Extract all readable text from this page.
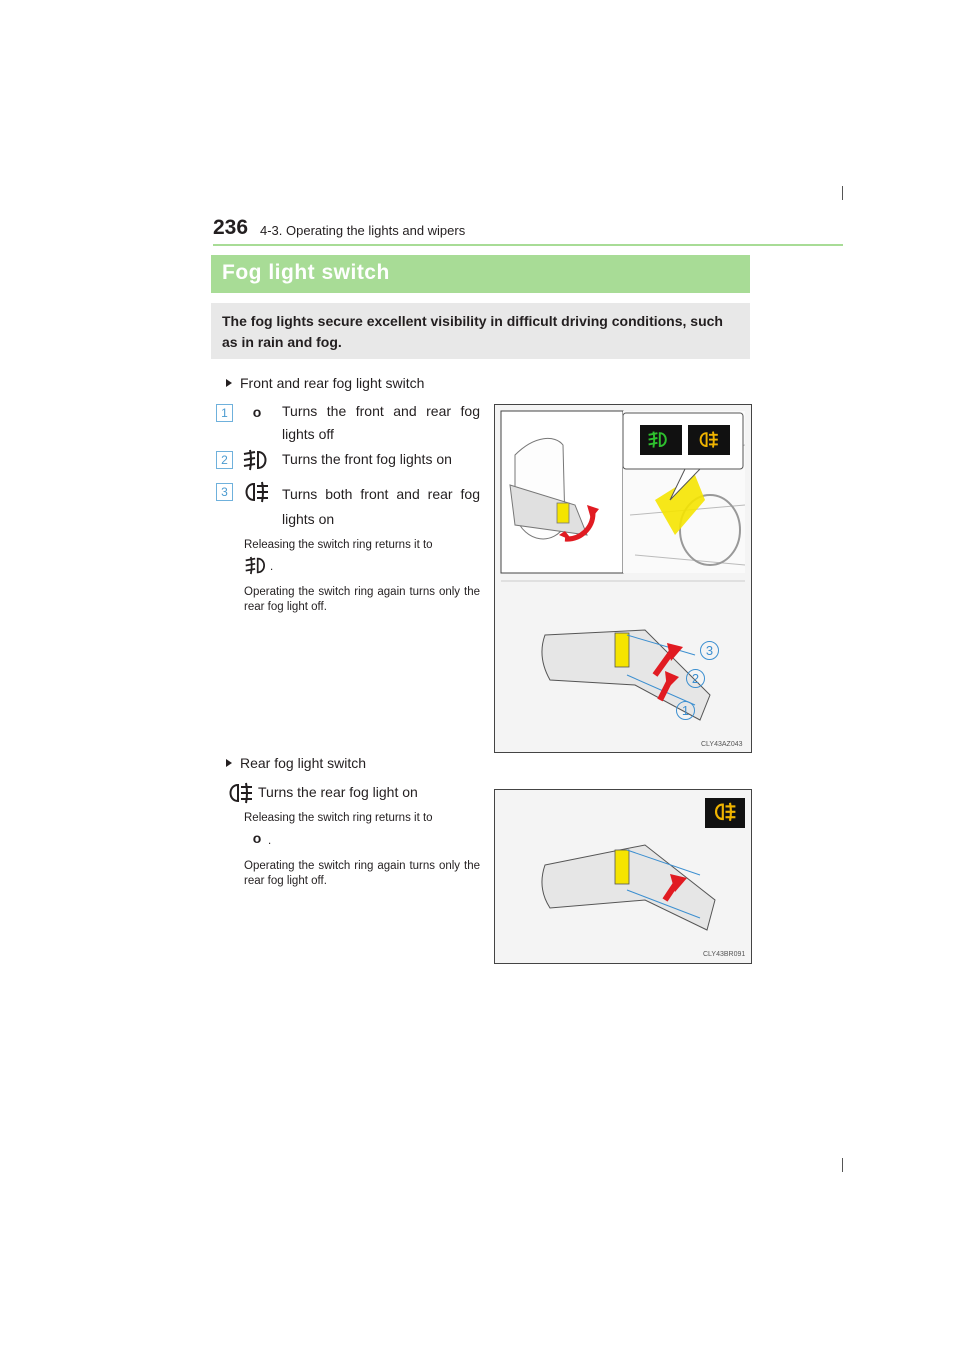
236 4-3. Operating the lights and wipers
Fog light switch
The fog lights secure excellent visibility in difficult driving conditions, such as in rain and fog.
Front and rear fog light switch
1	o Turns the front and rear fog lights off
2	Turns the front fog lights on
3	Turns both front and rear fog lights on
Releasing the switch ring returns it to
.
Operating the switch ring again turns only the rear fog light off.
3
2
1
CLY43AZ043
Rear fog light switch
Turns the rear fog light on
Releasing the switch ring returns it to
o .
Operating the switch ring again turns only the rear fog light off.
CLY43BR091
